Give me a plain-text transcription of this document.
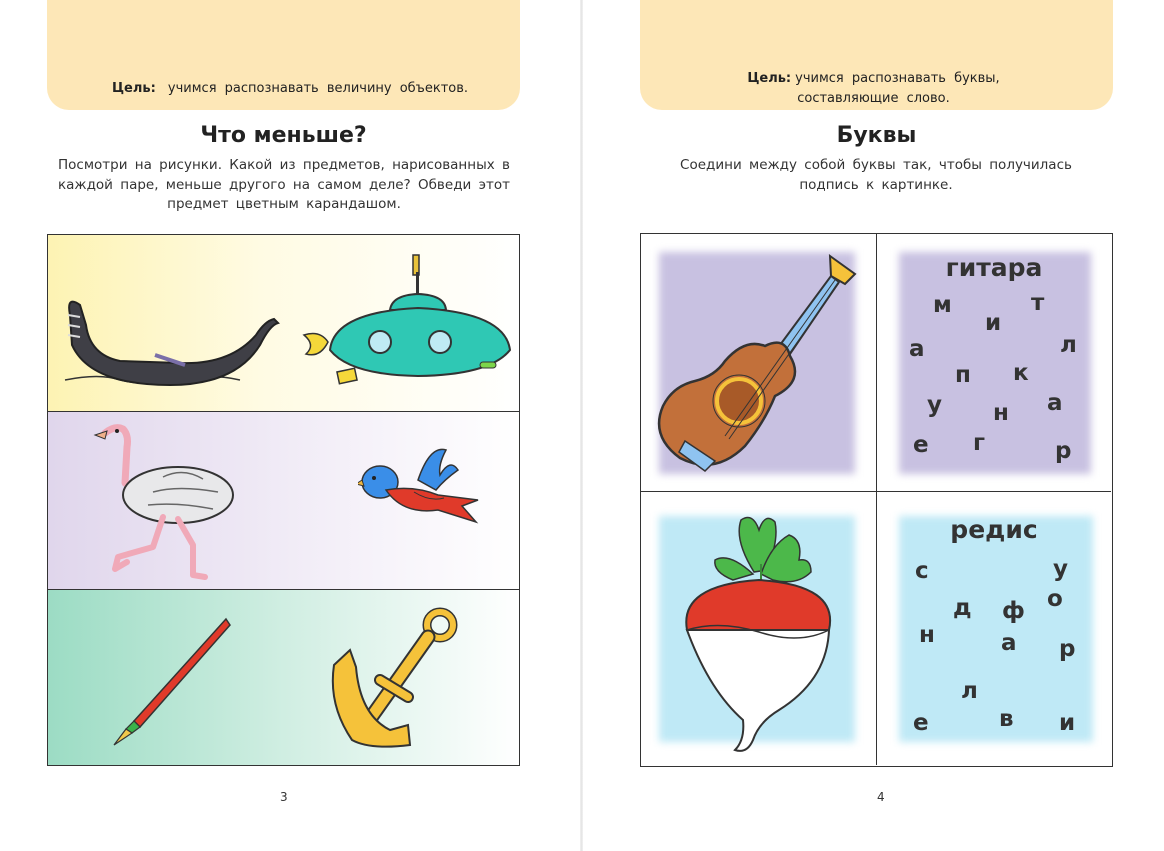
Цель: учимся распознавать величину объектов.
Что меньше?
Посмотри на рисунки. Какой из предметов, нарисованных в каждой паре, меньше другого на самом деле? Обведи этот предмет цветным карандашом.
3
Цель: учимся распознавать буквы,
составляющие слово.
Буквы
Соедини между собой буквы так, чтобы получилась подпись к картинке.
гитара
м	т
и
а	л
п к
у н а
е г	р
редис
с	у
о
д ф
н	а р
л
е	в и
4
